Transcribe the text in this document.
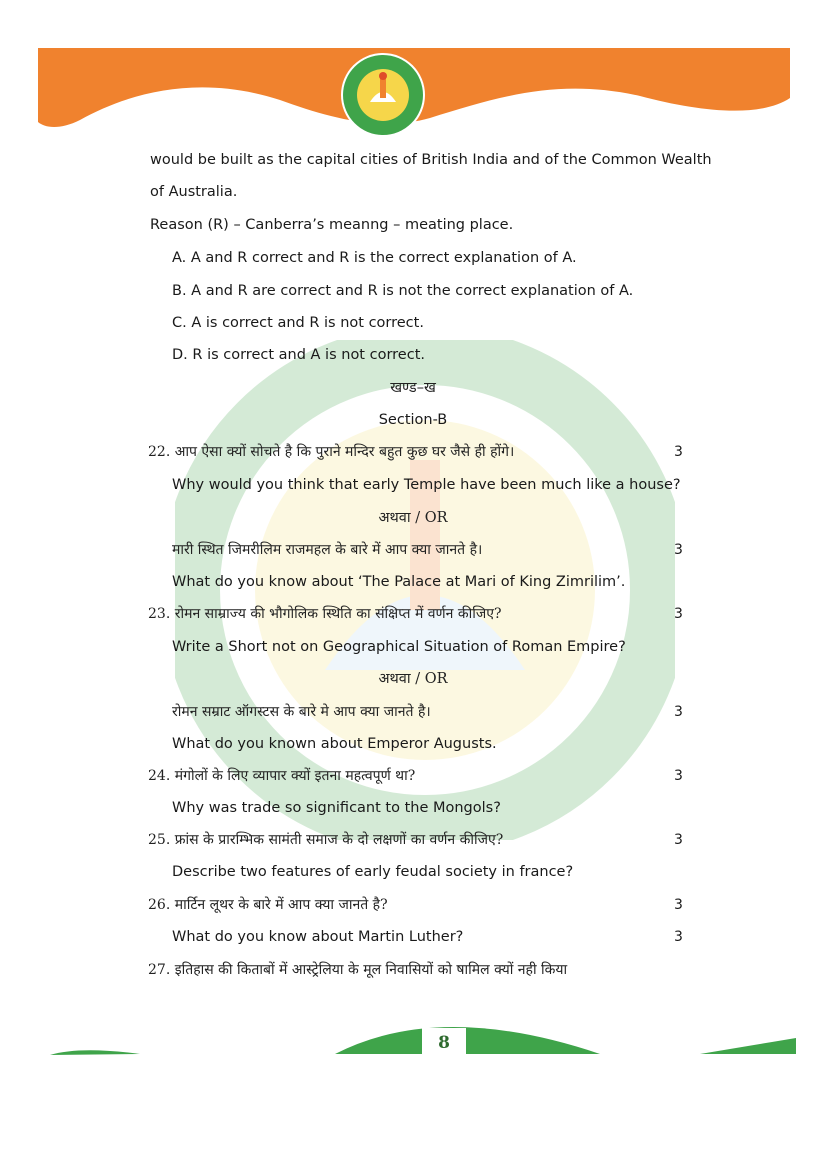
would be built as the capital cities of British India and of the Common Wealth
of Australia.
Reason (R) – Canberra’s meanng – meating place.
A. A and R correct and R is the correct explanation of A.
B. A and R are correct and R is not the correct explanation of A.
C. A is correct and R is not correct.
D. R is correct and A is not correct.
खण्ड–ख
Section-B
22. आप ऐसा क्यों सोचते है कि पुराने मन्दिर बहुत कुछ घर जैसे ही होंगे।	3
Why would you think that early Temple have been much like a house?
अथवा / OR
मारी स्थित जिमरीलिम राजमहल के बारे में आप क्या जानते है।	3
What do you know about ‘The Palace at Mari of King Zimrilim’.
23. रोमन साम्राज्य की भौगोलिक स्थिति का संक्षिप्त में वर्णन कीजिए?	3
Write a Short not on Geographical Situation of Roman Empire?
अथवा / OR
रोमन सम्राट ऑगस्टस के बारे मे आप क्या जानते है।	3
What do you known about Emperor Augusts.
24. मंगोलों के लिए व्यापार क्यों इतना महत्वपूर्ण था?	3
Why was trade so significant to the Mongols?
25. फ्रांस के प्रारम्भिक सामंती समाज के दो लक्षणों का वर्णन कीजिए?	3
Describe two features of early feudal society in france?
26. मार्टिन लूथर के बारे में आप क्या जानते है?	3
What do you know about Martin Luther?	3
27. इतिहास की किताबों में आस्ट्रेलिया के मूल निवासियों को षामिल क्यों नही किया
8
